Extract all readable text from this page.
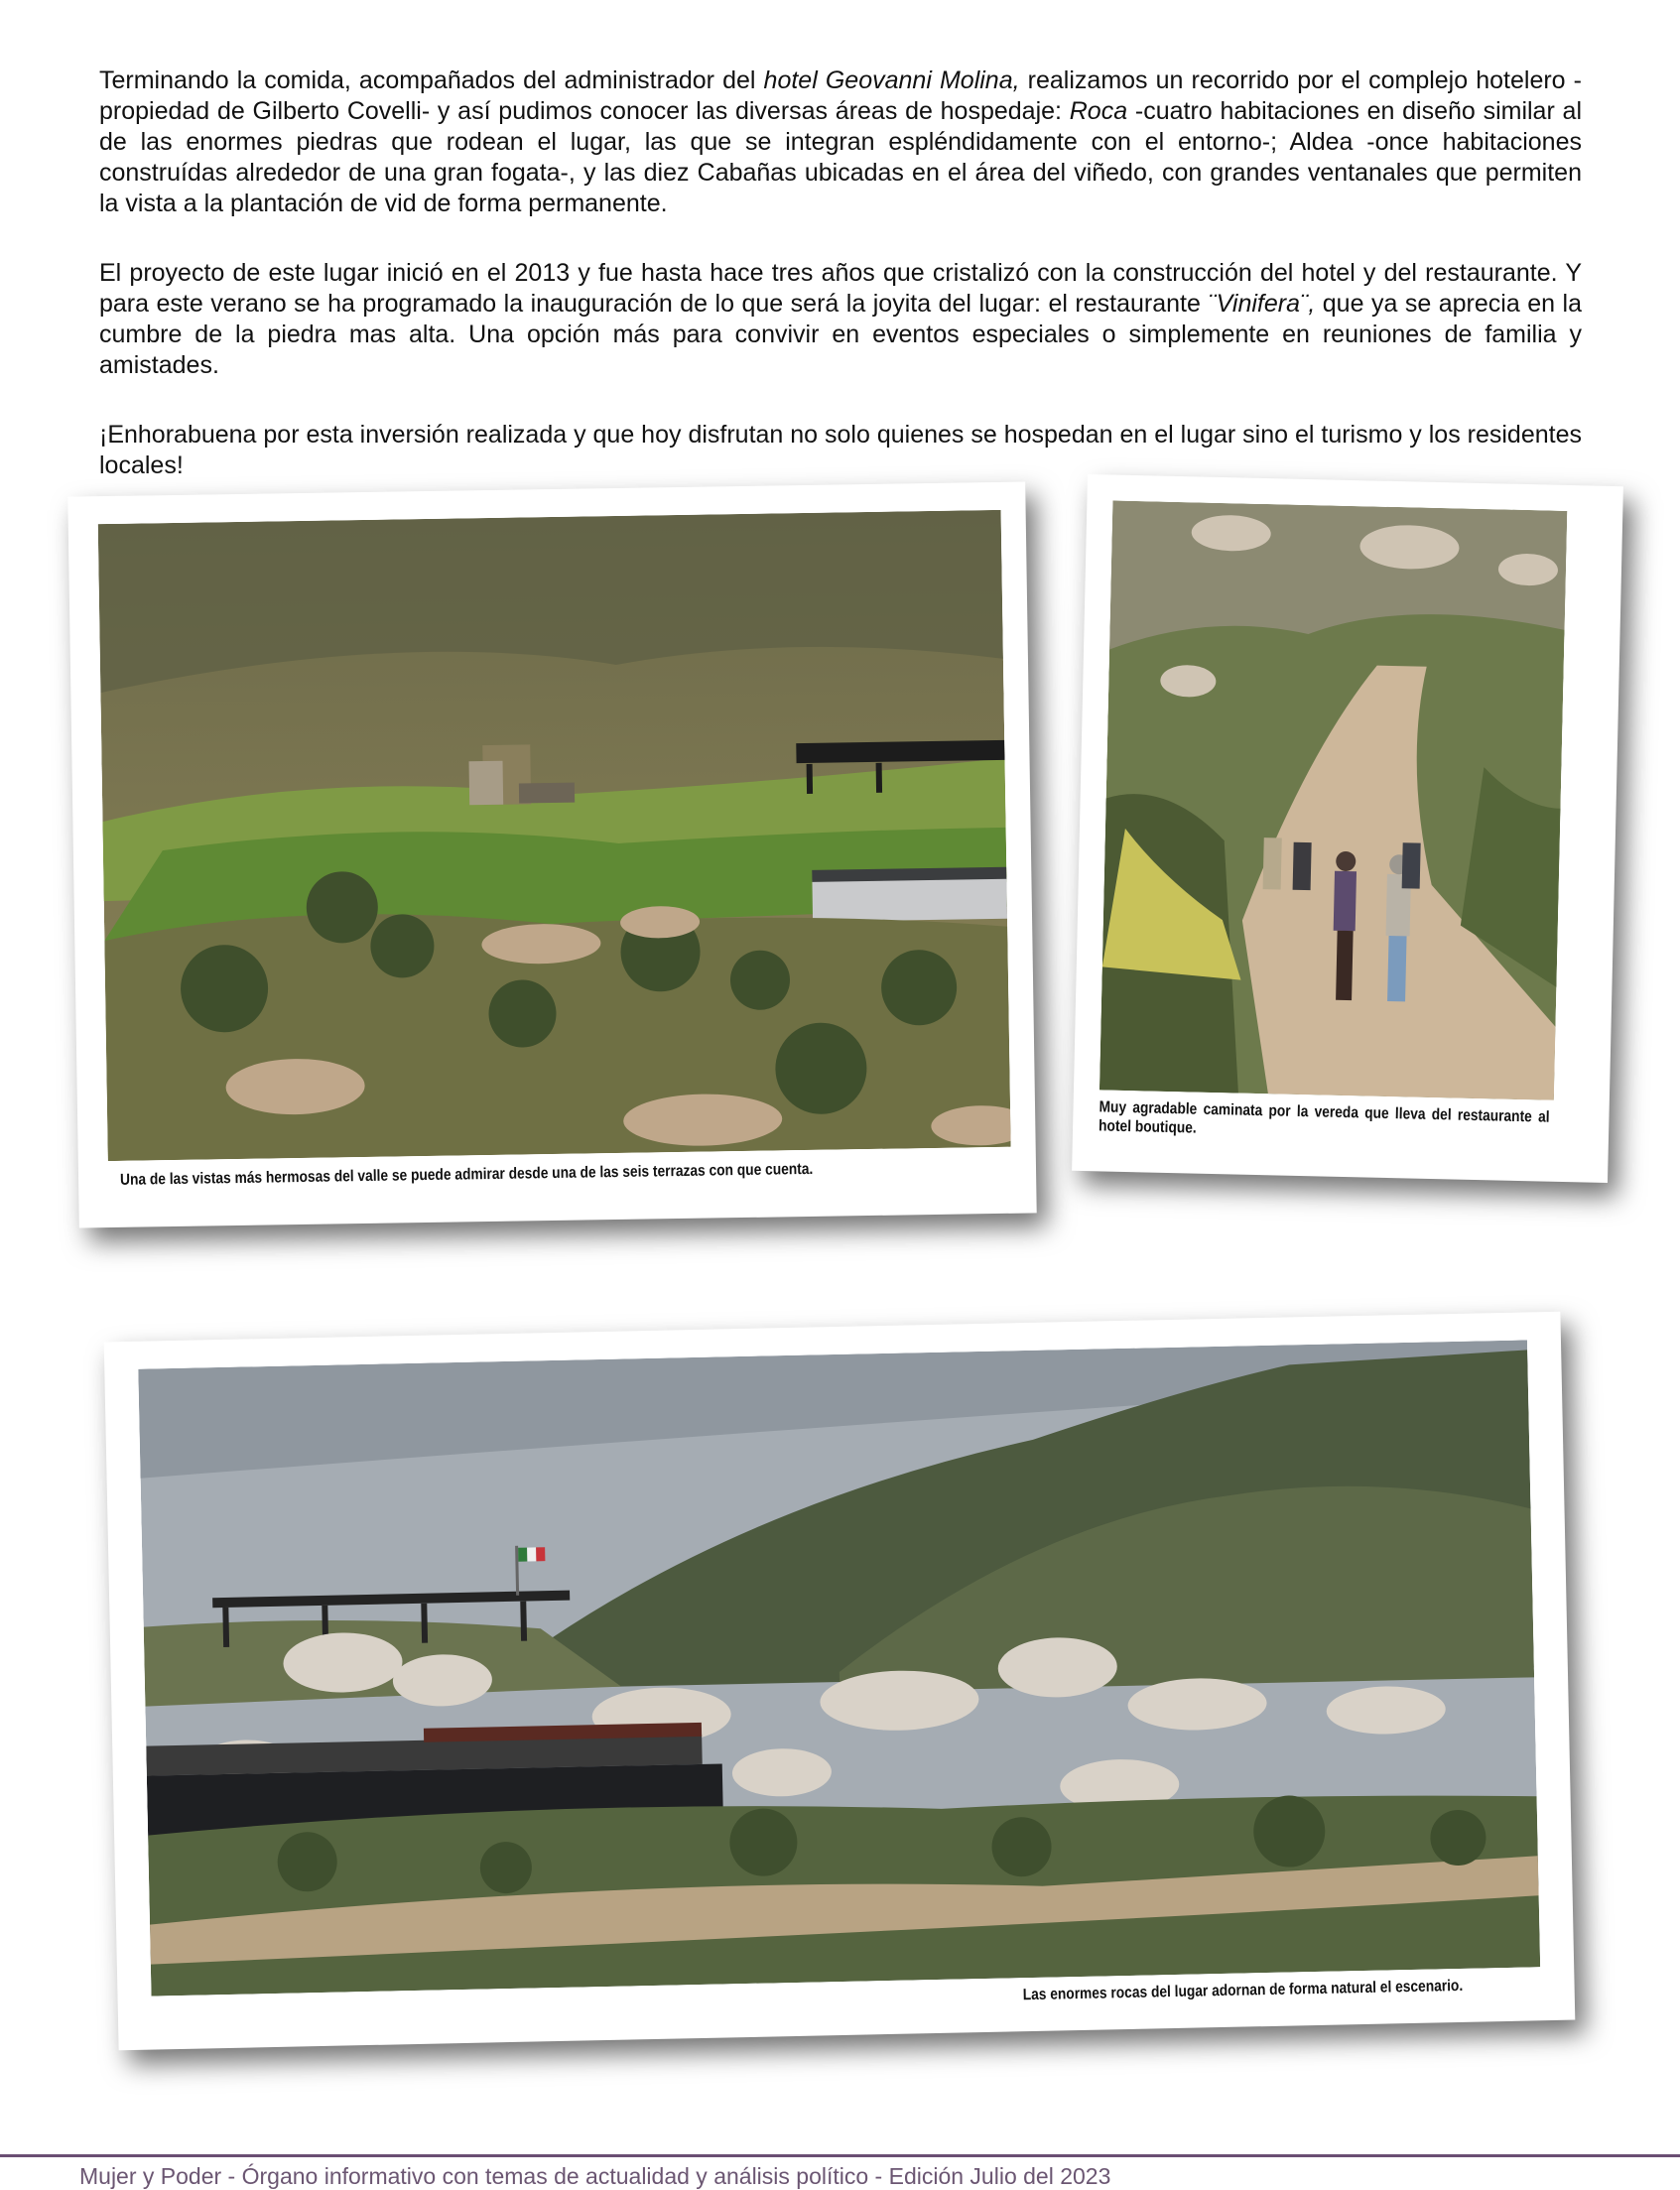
Terminando la comida, acompañados del administrador del hotel Geovanni Molina, realizamos un recorrido por el complejo hotelero -propiedad de Gilberto Covelli- y así pudimos conocer las diversas áreas de hospedaje: Roca -cuatro habitaciones en diseño similar al de las enormes piedras que rodean el lugar, las que se integran espléndidamente con el entorno-; Aldea -once habitaciones construídas alrededor de una gran fogata-, y las diez Cabañas ubicadas en el área del viñedo, con grandes ventanales que permiten la vista a la plantación de vid de forma permanente.

El proyecto de este lugar inició en el 2013 y fue hasta hace tres años que cristalizó con la construcción del hotel y del restaurante. Y para este verano se ha programado la inauguración de lo que será la joyita del lugar: el restaurante ¨Vinifera¨, que ya se aprecia en la cumbre de la piedra mas alta. Una opción más para convivir en eventos especiales o simplemente en reuniones de familia y amistades.

¡Enhorabuena por esta inversión realizada y que hoy disfrutan no solo quienes se hospedan en el lugar sino el turismo y los residentes locales!

Una de las vistas más hermosas del valle se puede admirar desde una de las seis terrazas con que cuenta.
Muy agradable caminata por la vereda que lleva del restaurante al hotel boutique.
Las enormes rocas del lugar adornan de forma natural el escenario.
Mujer y Poder - Órgano informativo con temas de actualidad y análisis político - Edición Julio del 2023
